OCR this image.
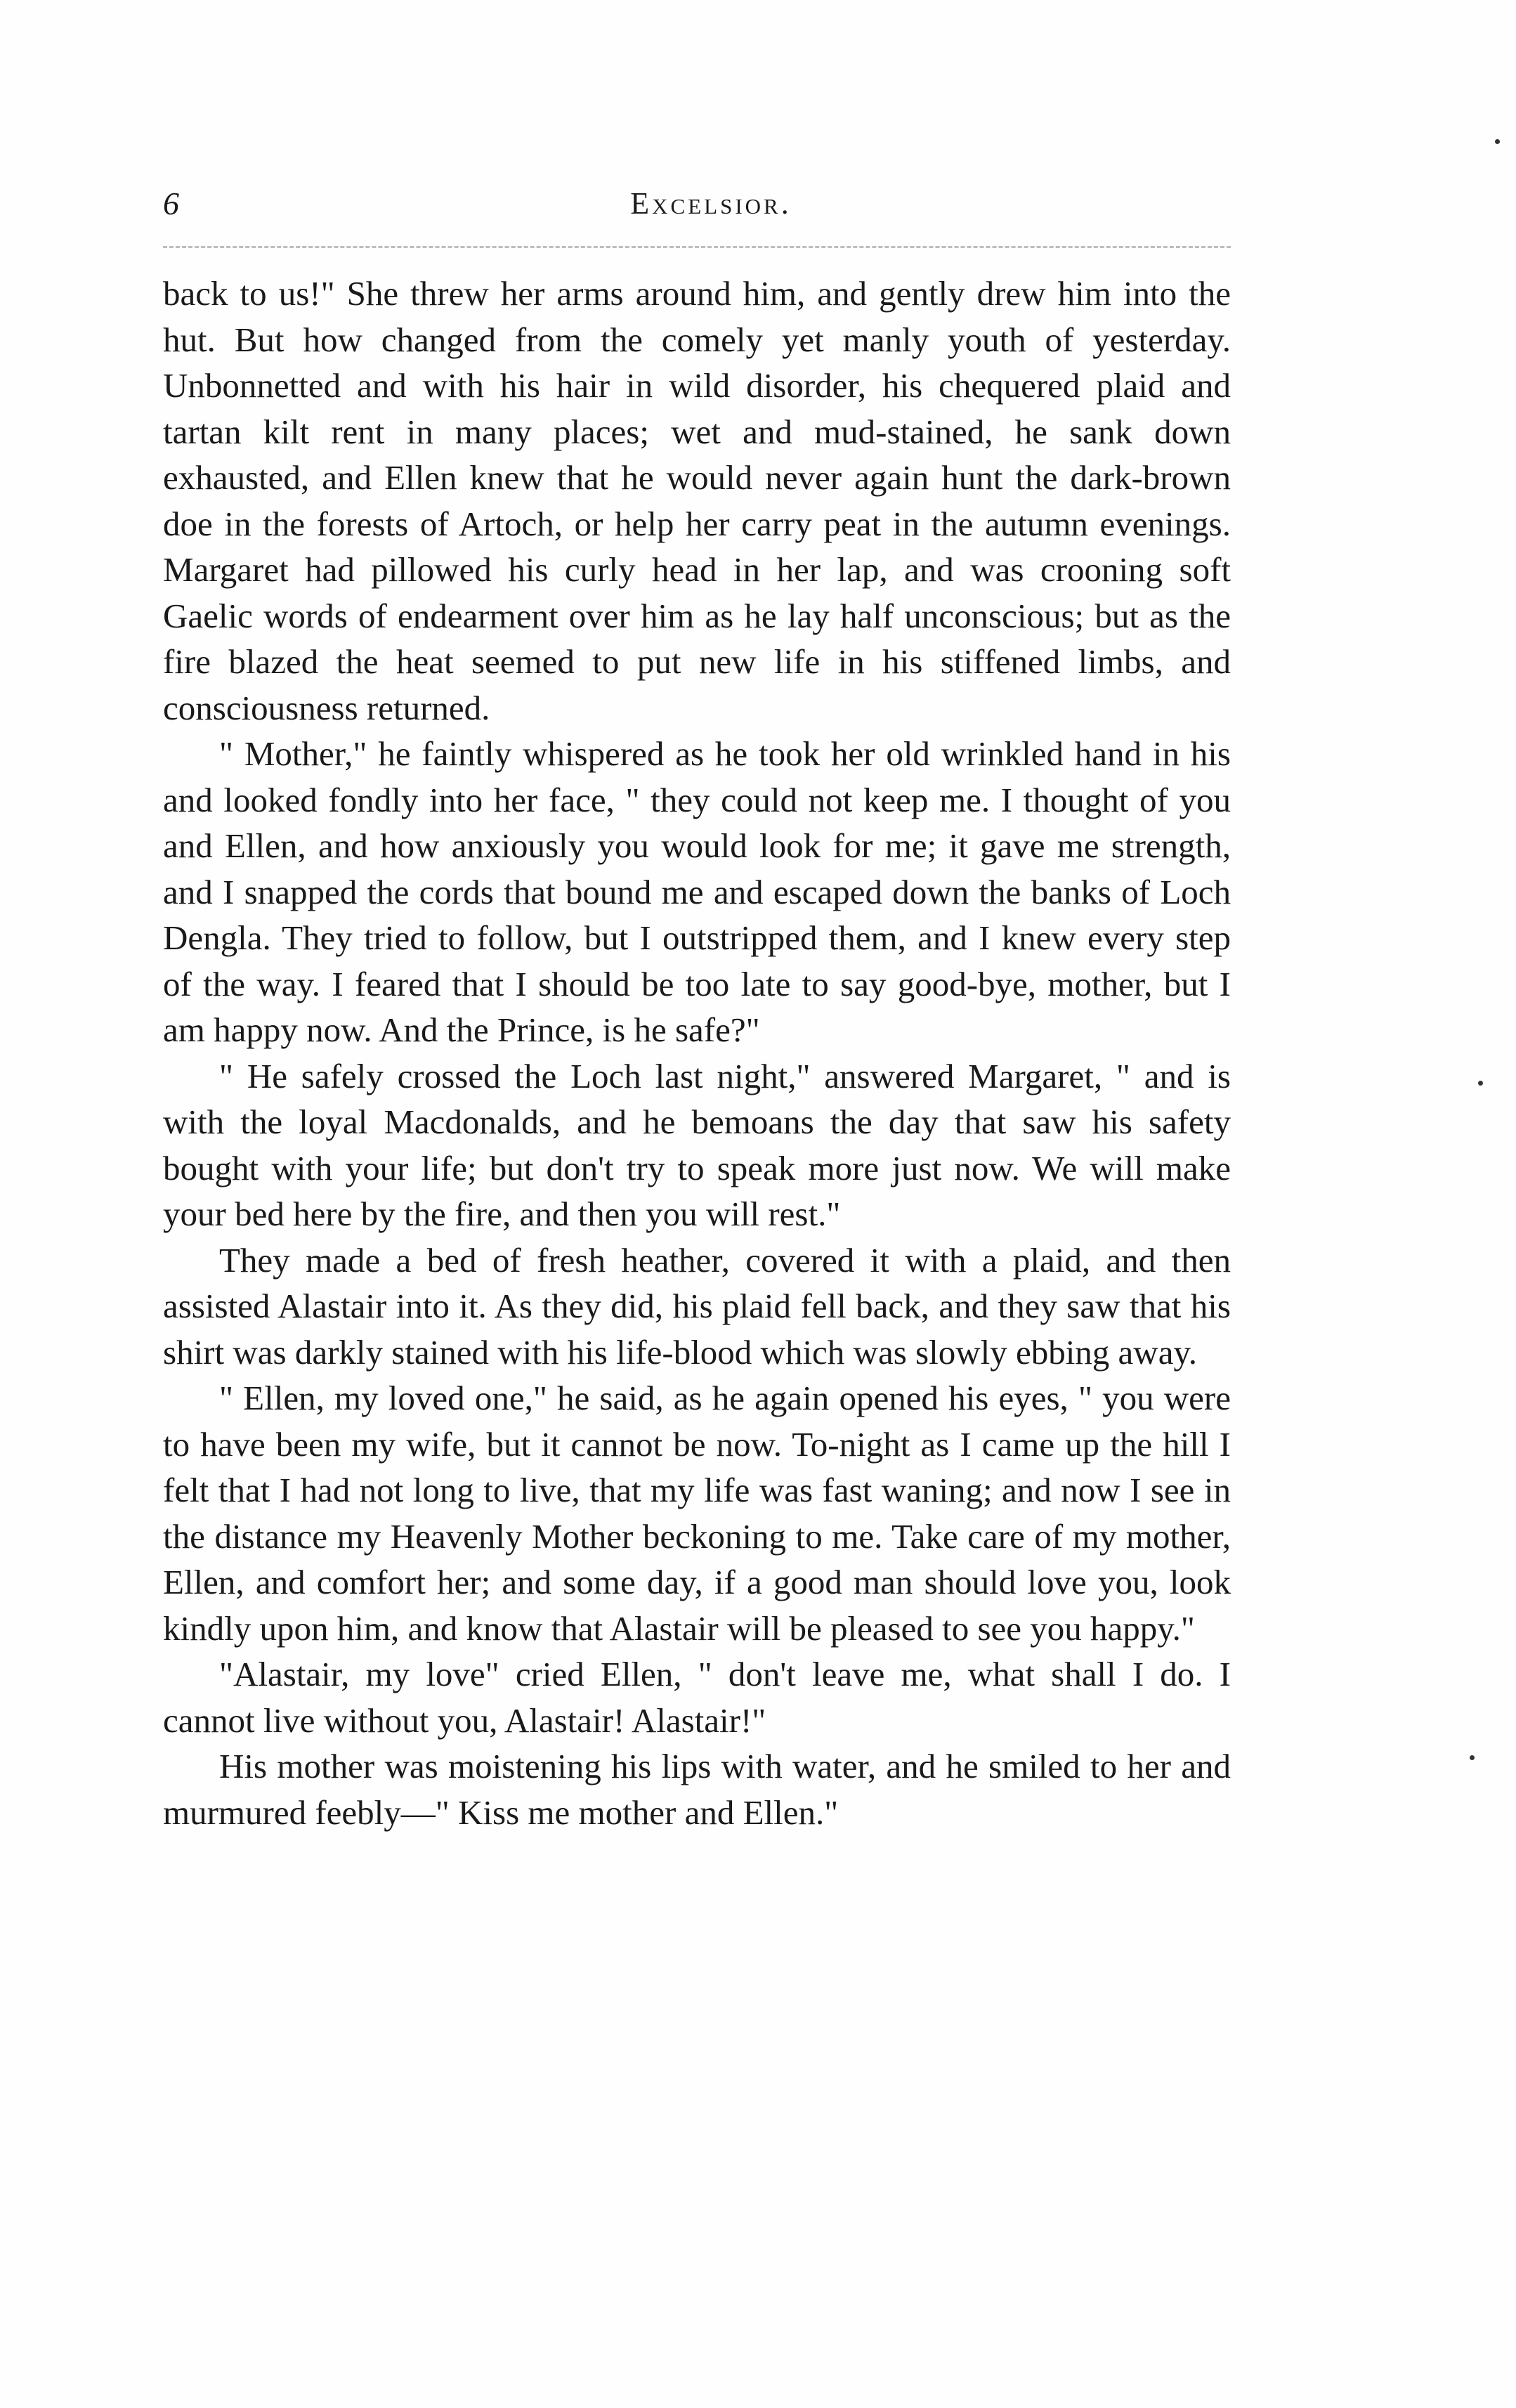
6	Excelsior.

back to us!" She threw her arms around him, and gently drew him into the hut. But how changed from the comely yet manly youth of yesterday. Unbonnetted and with his hair in wild disorder, his chequered plaid and tartan kilt rent in many places; wet and mud-stained, he sank down exhausted, and Ellen knew that he would never again hunt the dark-brown doe in the forests of Artoch, or help her carry peat in the autumn evenings. Margaret had pillowed his curly head in her lap, and was crooning soft Gaelic words of endearment over him as he lay half unconscious; but as the fire blazed the heat seemed to put new life in his stiffened limbs, and consciousness returned.

" Mother," he faintly whispered as he took her old wrinkled hand in his and looked fondly into her face, " they could not keep me. I thought of you and Ellen, and how anxiously you would look for me; it gave me strength, and I snapped the cords that bound me and escaped down the banks of Loch Dengla. They tried to follow, but I outstripped them, and I knew every step of the way. I feared that I should be too late to say good-bye, mother, but I am happy now. And the Prince, is he safe?"

" He safely crossed the Loch last night," answered Margaret, " and is with the loyal Macdonalds, and he bemoans the day that saw his safety bought with your life; but don't try to speak more just now. We will make your bed here by the fire, and then you will rest."

They made a bed of fresh heather, covered it with a plaid, and then assisted Alastair into it. As they did, his plaid fell back, and they saw that his shirt was darkly stained with his life-blood which was slowly ebbing away.

" Ellen, my loved one," he said, as he again opened his eyes, " you were to have been my wife, but it cannot be now. To-night as I came up the hill I felt that I had not long to live, that my life was fast waning; and now I see in the distance my Heavenly Mother beckoning to me. Take care of my mother, Ellen, and comfort her; and some day, if a good man should love you, look kindly upon him, and know that Alastair will be pleased to see you happy."

"Alastair, my love" cried Ellen, " don't leave me, what shall I do. I cannot live without you, Alastair! Alastair!"

His mother was moistening his lips with water, and he smiled to her and murmured feebly—" Kiss me mother and Ellen."
